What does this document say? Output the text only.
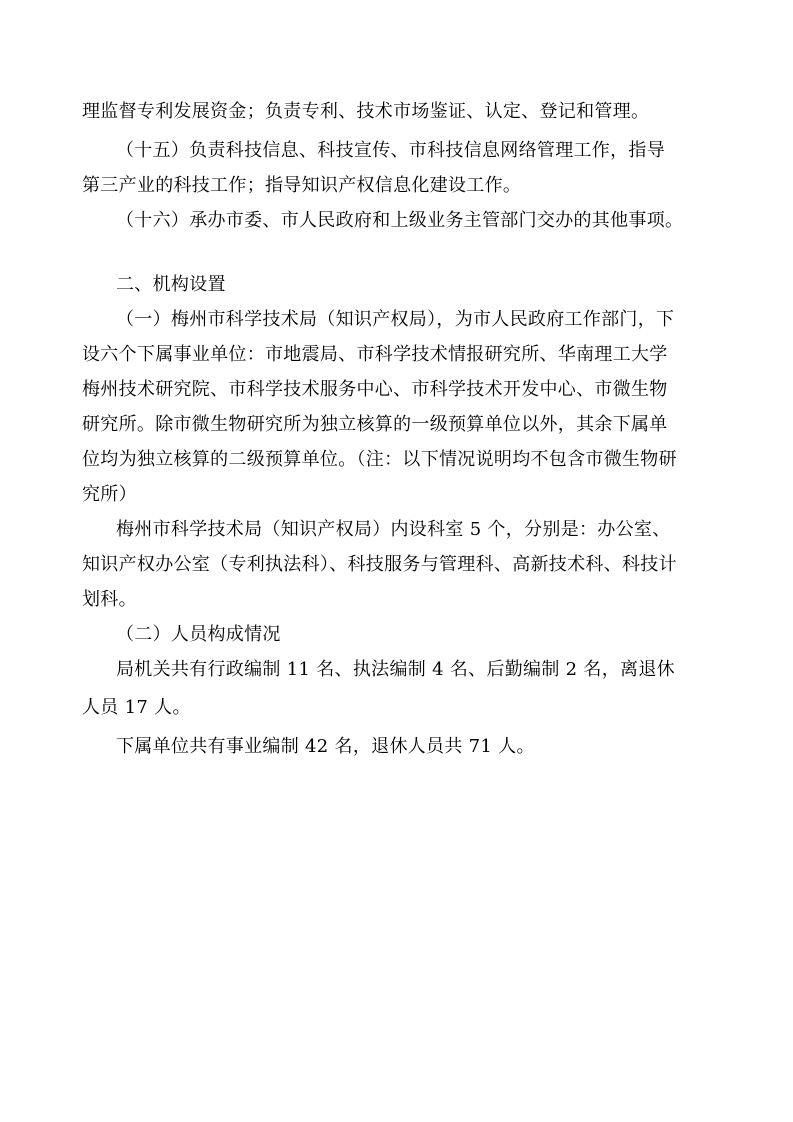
理监督专利发展资金；负责专利、技术市场鉴证、认定、登记和管理。
（十五）负责科技信息、科技宣传、市科技信息网络管理工作，指导
第三产业的科技工作；指导知识产权信息化建设工作。
（十六）承办市委、市人民政府和上级业务主管部门交办的其他事项。
二、机构设置
（一）梅州市科学技术局（知识产权局），为市人民政府工作部门，下
设六个下属事业单位：市地震局、市科学技术情报研究所、华南理工大学
梅州技术研究院、市科学技术服务中心、市科学技术开发中心、市微生物
研究所。除市微生物研究所为独立核算的一级预算单位以外，其余下属单
位均为独立核算的二级预算单位。（注：以下情况说明均不包含市微生物研
究所）
梅州市科学技术局（知识产权局）内设科室 5 个，分别是：办公室、
知识产权办公室（专利执法科）、科技服务与管理科、高新技术科、科技计
划科。
（二）人员构成情况
局机关共有行政编制 11 名、执法编制 4 名、后勤编制 2 名，离退休
人员 17 人。
下属单位共有事业编制 42 名，退休人员共 71 人。
